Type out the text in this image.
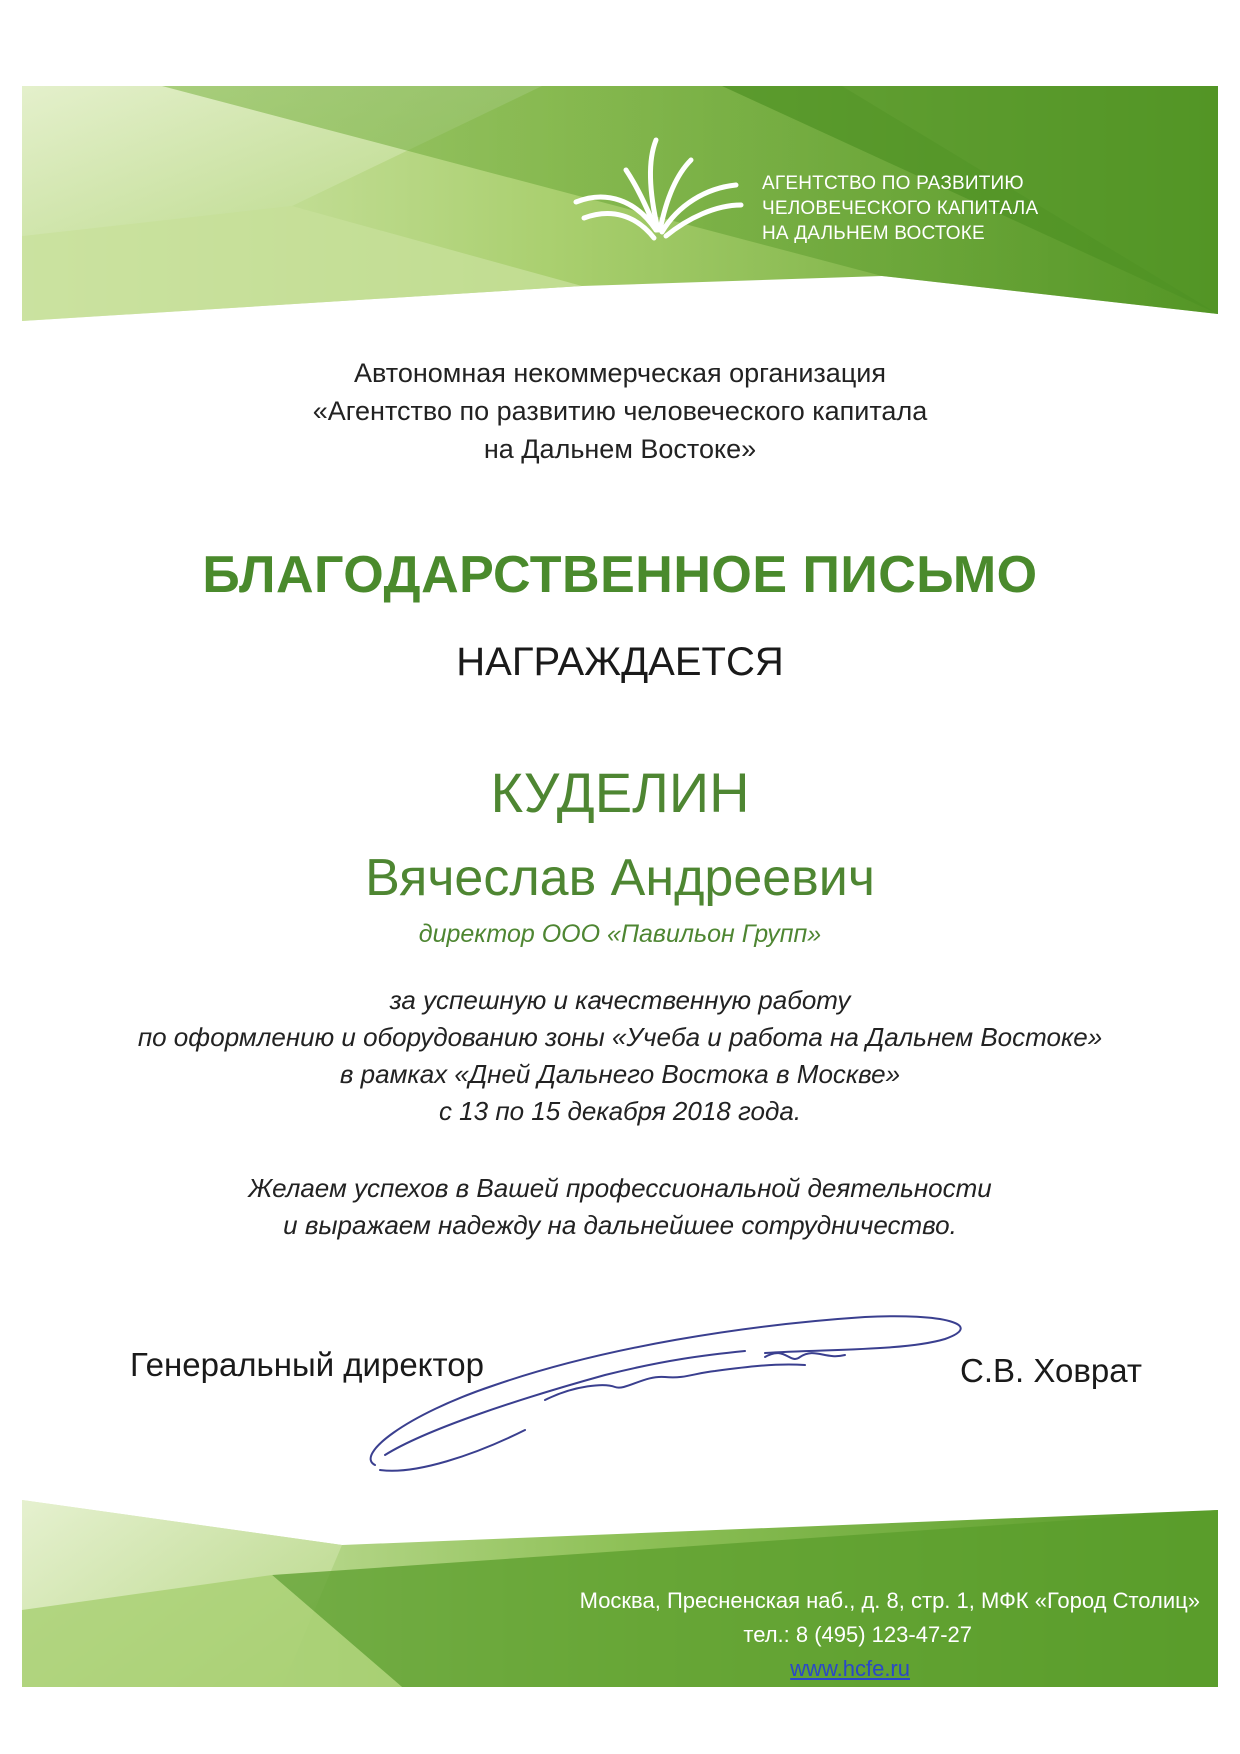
АГЕНТСТВО ПО РАЗВИТИЮ
ЧЕЛОВЕЧЕСКОГО КАПИТАЛА
НА ДАЛЬНЕМ ВОСТОКЕ
Автономная некоммерческая организация
«Агентство по развитию человеческого капитала
на Дальнем Востоке»
БЛАГОДАРСТВЕННОЕ ПИСЬМО
НАГРАЖДАЕТСЯ
КУДЕЛИН
Вячеслав Андреевич
директор ООО «Павильон Групп»
за успешную и качественную работу
по оформлению и оборудованию зоны «Учеба и работа на Дальнем Востоке»
в рамках «Дней Дальнего Востока в Москве»
с 13 по 15 декабря 2018 года.
Желаем успехов в Вашей профессиональной деятельности
и выражаем надежду на дальнейшее сотрудничество.
Генеральный директор	С.В. Ховрат
Москва, Пресненская наб., д. 8, стр. 1, МФК «Город Столиц»
тел.: 8 (495) 123-47-27
www.hcfe.ru
